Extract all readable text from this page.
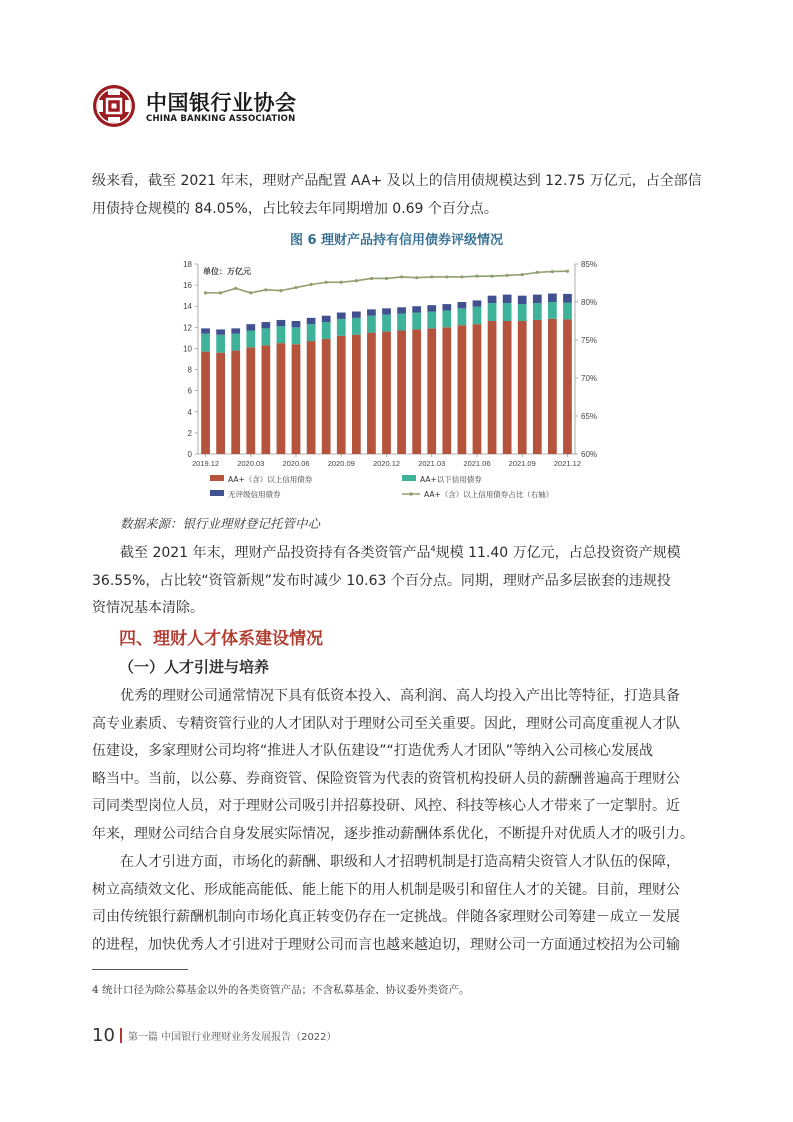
中国银行业协会
CHINA BANKING ASSOCIATION
级来看，截至 2021 年末，理财产品配置 AA+ 及以上的信用债规模达到 12.75 万亿元，占全部信
用债持仓规模的 84.05%，占比较去年同期增加 0.69 个百分点。
图 6 理财产品持有信用债券评级情况
0
2
4
6
8
10
12
14
16
18
60%
65%
70%
75%
80%
85%
单位：万亿元
2019.12 2020.03 2020.06 2020.09 2020.12 2021.03 2021.06 2021.09 2021.12
AA+（含）以上信用债券	AA+以下信用债券
无评级信用债券	AA+（含）以上信用债券占比（右轴）
数据来源：银行业理财登记托管中心
截至 2021 年末，理财产品投资持有各类资管产品$^4$规模 11.40 万亿元，占总投资资产规模
36.55%，占比较“资管新规”发布时减少 10.63 个百分点。同期，理财产品多层嵌套的违规投
资情况基本清除。
四、理财人才体系建设情况
（一）人才引进与培养
优秀的理财公司通常情况下具有低资本投入、高利润、高人均投入产出比等特征，打造具备
高专业素质、专精资管行业的人才团队对于理财公司至关重要。因此，理财公司高度重视人才队
伍建设，多家理财公司均将“推进人才队伍建设”“打造优秀人才团队”等纳入公司核心发展战
略当中。当前，以公募、券商资管、保险资管为代表的资管机构投研人员的薪酬普遍高于理财公
司同类型岗位人员，对于理财公司吸引并招募投研、风控、科技等核心人才带来了一定掣肘。近
年来，理财公司结合自身发展实际情况，逐步推动薪酬体系优化，不断提升对优质人才的吸引力。
在人才引进方面，市场化的薪酬、职级和人才招聘机制是打造高精尖资管人才队伍的保障，
树立高绩效文化、形成能高能低、能上能下的用人机制是吸引和留住人才的关键。目前，理财公
司由传统银行薪酬机制向市场化真正转变仍存在一定挑战。伴随各家理财公司筹建－成立－发展
的进程，加快优秀人才引进对于理财公司而言也越来越迫切，理财公司一方面通过校招为公司输
4 统计口径为除公募基金以外的各类资管产品；不含私募基金、协议委外类资产。
10 第一篇 中国银行业理财业务发展报告（2022）
